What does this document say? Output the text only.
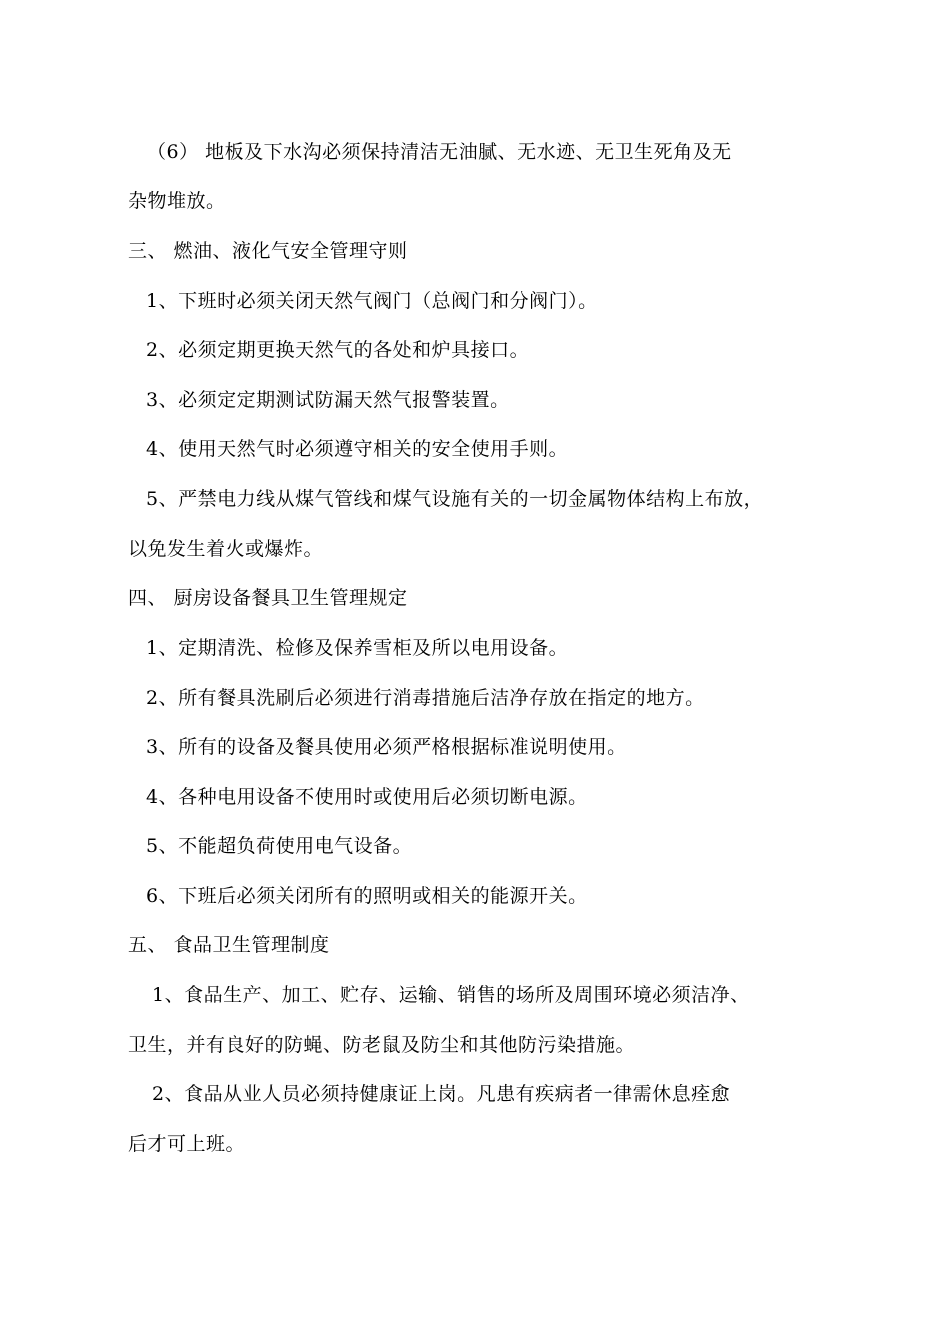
（6） 地板及下水沟必须保持清洁无油腻、无水迹、无卫生死角及无
杂物堆放。
三、 燃油、液化气安全管理守则
1、下班时必须关闭天然气阀门（总阀门和分阀门）。
2、必须定期更换天然气的各处和炉具接口。
3、必须定定期测试防漏天然气报警装置。
4、使用天然气时必须遵守相关的安全使用手则。
5、严禁电力线从煤气管线和煤气设施有关的一切金属物体结构上布放，
以免发生着火或爆炸。
四、 厨房设备餐具卫生管理规定
1、定期清洗、检修及保养雪柜及所以电用设备。
2、所有餐具洗刷后必须进行消毒措施后洁净存放在指定的地方。
3、所有的设备及餐具使用必须严格根据标准说明使用。
4、各种电用设备不使用时或使用后必须切断电源。
5、不能超负荷使用电气设备。
6、下班后必须关闭所有的照明或相关的能源开关。
五、 食品卫生管理制度
1、食品生产、加工、贮存、运输、销售的场所及周围环境必须洁净、
卫生，并有良好的防蝇、防老鼠及防尘和其他防污染措施。
2、食品从业人员必须持健康证上岗。凡患有疾病者一律需休息痊愈
后才可上班。
